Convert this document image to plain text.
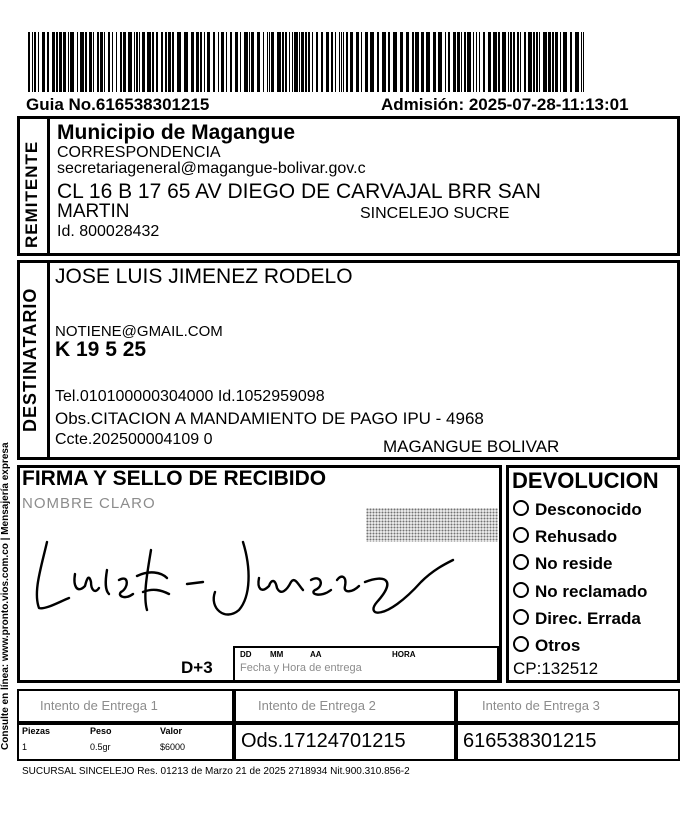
Guia No.616538301215	Admisión: 2025-07-28-11:13:01
Consulte en línea: www.pronto.vios.com.co | Mensajería expresa
REMITENTE
Municipio de Magangue
CORRESPONDENCIA
secretariageneral@magangue-bolivar.gov.c
CL 16 B 17 65 AV DIEGO DE CARVAJAL BRR SAN
MARTIN	SINCELEJO SUCRE
Id. 800028432
DESTINATARIO
JOSE LUIS JIMENEZ RODELO
NOTIENE@GMAIL.COM
K 19 5 25
Tel.010100000304000 Id.1052959098
Obs.CITACION A MANDAMIENTO DE PAGO IPU - 4968
Ccte.202500004109 0	MAGANGUE BOLIVAR
FIRMA Y SELLO DE RECIBIDO
NOMBRE CLARO
D+3
DD MM	AA	HORA
Fecha y Hora de entrega
DEVOLUCION
Desconocido
Rehusado
No reside
No reclamado
Direc. Errada
Otros
CP:132512
Intento de Entrega 1	Intento de Entrega 2	Intento de Entrega 3
Piezas	Peso	Valor
1	0.5gr	$6000	Ods.17124701215	616538301215
SUCURSAL SINCELEJO Res. 01213 de Marzo 21 de 2025 2718934 Nit.900.310.856-2
